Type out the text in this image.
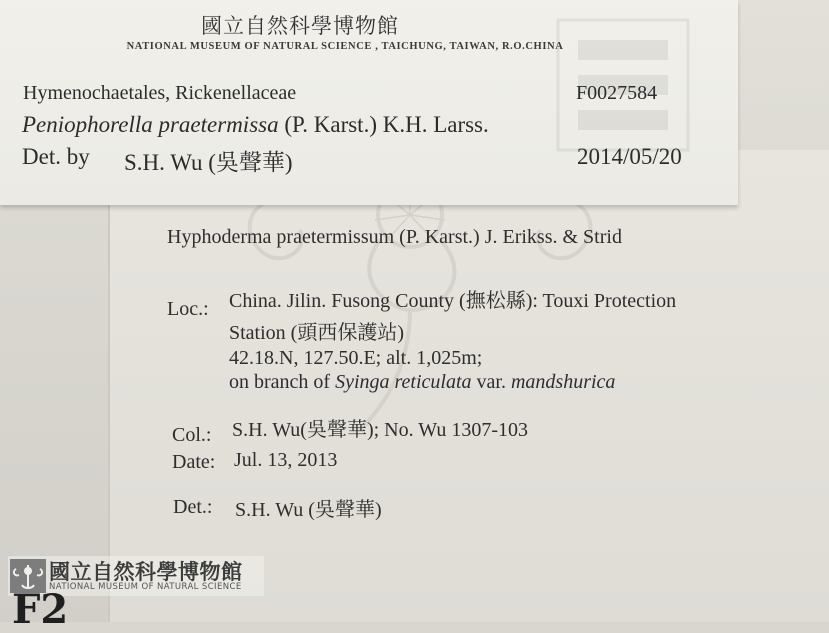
國立自然科學博物館
NATIONAL MUSEUM OF NATURAL SCIENCE , TAICHUNG, TAIWAN, R.O.CHINA
Hymenochaetales, Rickenellaceae	F0027584
Peniophorella praetermissa (P. Karst.) K.H. Larss.
Det. by S.H. Wu (吳聲華)	2014/05/20
Hyphoderma praetermissum (P. Karst.) J. Erikss. & Strid
Loc.: China. Jilin. Fusong County (撫松縣): Touxi Protection
Station (頭西保護站)
42.18.N, 127.50.E; alt. 1,025m;
on branch of Syinga reticulata var. mandshurica
Col.: S.H. Wu(吳聲華); No. Wu 1307-103
Date: Jul. 13, 2013
Det.: S.H. Wu (吳聲華)
國立自然科學博物館
NATIONAL MUSEUM OF NATURAL SCIENCE
F2
